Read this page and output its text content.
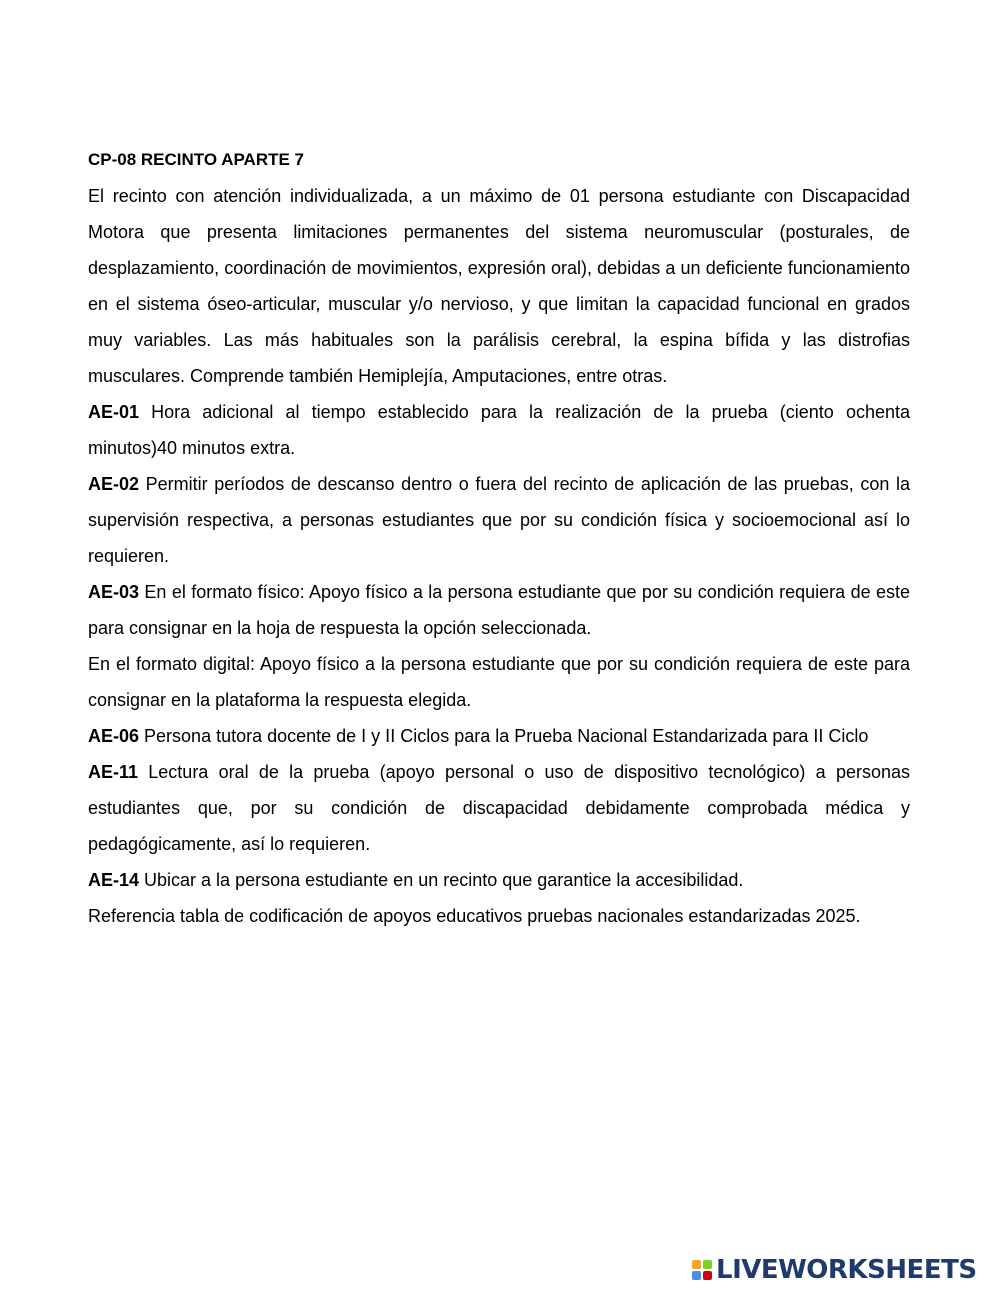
CP-08 RECINTO APARTE 7

El recinto con atención individualizada, a un máximo de 01 persona estudiante con Discapacidad Motora que presenta limitaciones permanentes del sistema neuromuscular (posturales, de desplazamiento, coordinación de movimientos, expresión oral), debidas a un deficiente funcionamiento en el sistema óseo-articular, muscular y/o nervioso, y que limitan la capacidad funcional en grados muy variables. Las más habituales son la parálisis cerebral, la espina bífida y las distrofias musculares. Comprende también Hemiplejía, Amputaciones, entre otras.

AE-01 Hora adicional al tiempo establecido para la realización de la prueba (ciento ochenta minutos)40 minutos extra.

AE-02 Permitir períodos de descanso dentro o fuera del recinto de aplicación de las pruebas, con la supervisión respectiva, a personas estudiantes que por su condición física y socioemocional así lo requieren.

AE-03 En el formato físico: Apoyo físico a la persona estudiante que por su condición requiera de este para consignar en la hoja de respuesta la opción seleccionada.

En el formato digital: Apoyo físico a la persona estudiante que por su condición requiera de este para consignar en la plataforma la respuesta elegida.

AE-06 Persona tutora docente de I y II Ciclos para la Prueba Nacional Estandarizada para II Ciclo

AE-11 Lectura oral de la prueba (apoyo personal o uso de dispositivo tecnológico) a personas estudiantes que, por su condición de discapacidad debidamente comprobada médica y pedagógicamente, así lo requieren.

AE-14 Ubicar a la persona estudiante en un recinto que garantice la accesibilidad.

Referencia tabla de codificación de apoyos educativos pruebas nacionales estandarizadas 2025.

LIVEWORKSHEETS
